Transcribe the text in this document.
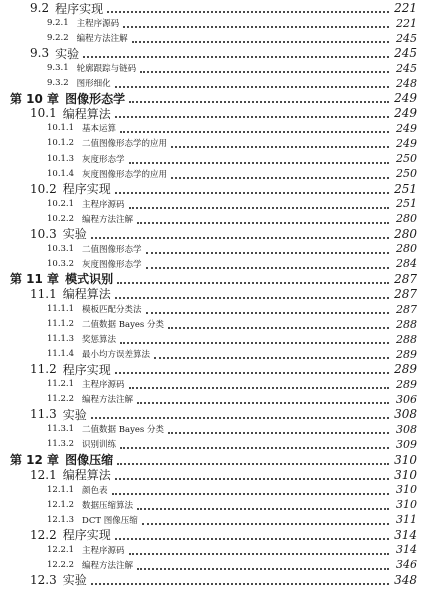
9.2 程序实现	221
9.2.1 主程序源码	221
9.2.2 编程方法注解	245
9.3 实验	245
9.3.1 轮廓跟踪与链码	245
9.3.2 图形细化	248
第 10 章 图像形态学	249
10.1 编程算法	249
10.1.1 基本运算	249
10.1.2 二值图像形态学的应用	249
10.1.3 灰度形态学	250
10.1.4 灰度图像形态学的应用	250
10.2 程序实现	251
10.2.1 主程序源码	251
10.2.2 编程方法注解	280
10.3 实验	280
10.3.1 二值图像形态学	280
10.3.2 灰度图像形态学	284
第 11 章 模式识别	287
11.1 编程算法	287
11.1.1 模板匹配分类法	287
11.1.2 二值数据 Bayes 分类	288
11.1.3 奖惩算法	288
11.1.4 最小均方误差算法	289
11.2 程序实现	289
11.2.1 主程序源码	289
11.2.2 编程方法注解	306
11.3 实验	308
11.3.1 二值数据 Bayes 分类	308
11.3.2 识别训练	309
第 12 章 图像压缩	310
12.1 编程算法	310
12.1.1 颜色表	310
12.1.2 数据压缩算法	310
12.1.3 DCT 图像压缩	311
12.2 程序实现	314
12.2.1 主程序源码	314
12.2.2 编程方法注解	346
12.3 实验	348
